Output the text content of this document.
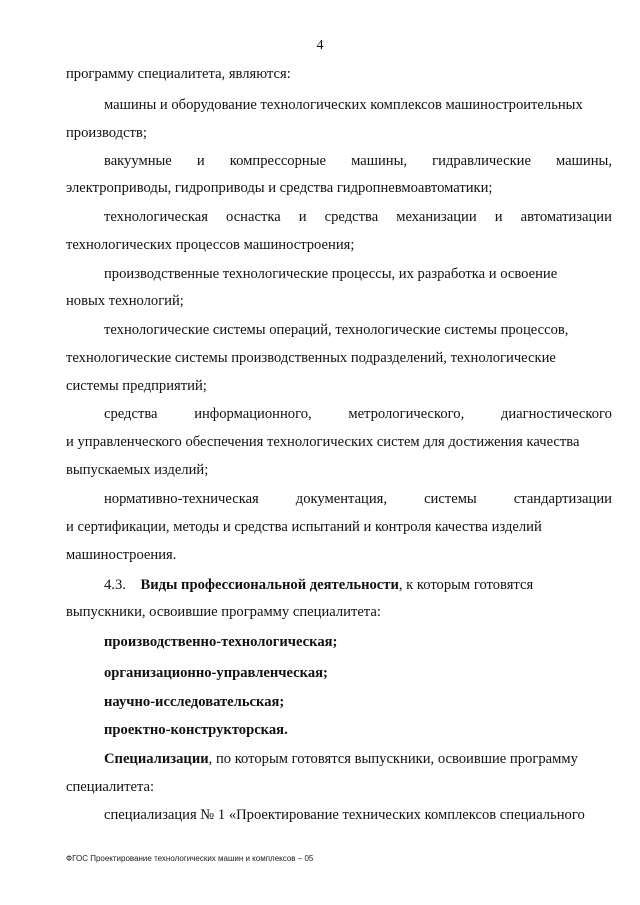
4
программу специалитета, являются:
машины и оборудование технологических комплексов машиностроительных
производств;
вакуумные и компрессорные машины, гидравлические машины,
электроприводы, гидроприводы и средства гидропневмоавтоматики;
технологическая оснастка и средства механизации и автоматизации
технологических процессов машиностроения;
производственные технологические процессы, их разработка и освоение
новых технологий;
технологические системы операций, технологические системы процессов,
технологические системы производственных подразделений, технологические
системы предприятий;
средства	информационного,	метрологического,	диагностического
и управленческого обеспечения технологических систем для достижения качества
выпускаемых изделий;
нормативно-техническая	документация,	системы	стандартизации
и сертификации, методы и средства испытаний и контроля качества изделий
машиностроения.
4.3. Виды профессиональной деятельности, к которым готовятся
выпускники, освоившие программу специалитета:
производственно-технологическая;
организационно-управленческая;
научно-исследовательская;
проектно-конструкторская.
Специализации, по которым готовятся выпускники, освоившие программу
специалитета:
специализация № 1 «Проектирование технических комплексов специального
ФГОС Проектирование технологических машин и комплексов – 05
